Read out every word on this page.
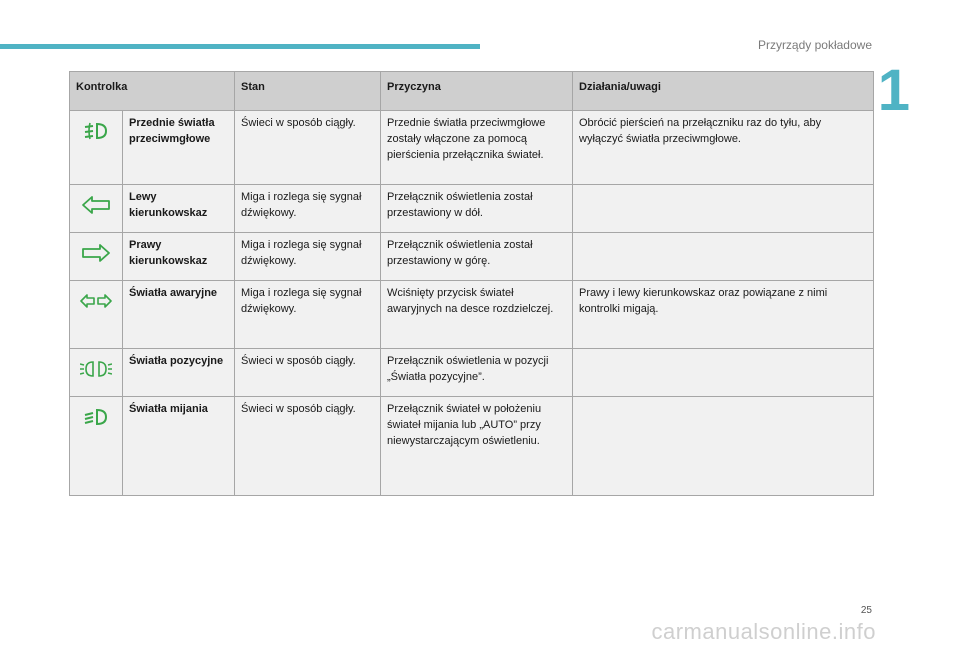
Przyrządy pokładowe
1
Kontrolka		Stan	Przyczyna	Działania/uwagi
	Przednie światła przeciwmgłowe	Świeci w sposób ciągły.	Przednie światła przeciwmgłowe zostały włączone za pomocą pierścienia przełącznika świateł.	Obrócić pierścień na przełączniku raz do tyłu, aby wyłączyć światła przeciwmgłowe.
	Lewy kierunkowskaz	Miga i rozlega się sygnał dźwiękowy.	Przełącznik oświetlenia został przestawiony w dół.	
	Prawy kierunkowskaz	Miga i rozlega się sygnał dźwiękowy.	Przełącznik oświetlenia został przestawiony w górę.	
	Światła awaryjne	Miga i rozlega się sygnał dźwiękowy.	Wciśnięty przycisk świateł awaryjnych na desce rozdzielczej.	Prawy i lewy kierunkowskaz oraz powiązane z nimi kontrolki migają.
	Światła pozycyjne	Świeci w sposób ciągły.	Przełącznik oświetlenia w pozycji „Światła pozycyjne”.	
	Światła mijania	Świeci w sposób ciągły.	Przełącznik świateł w położeniu świateł mijania lub „AUTO” przy niewystarczającym oświetleniu.	
25
carmanualsonline.info
